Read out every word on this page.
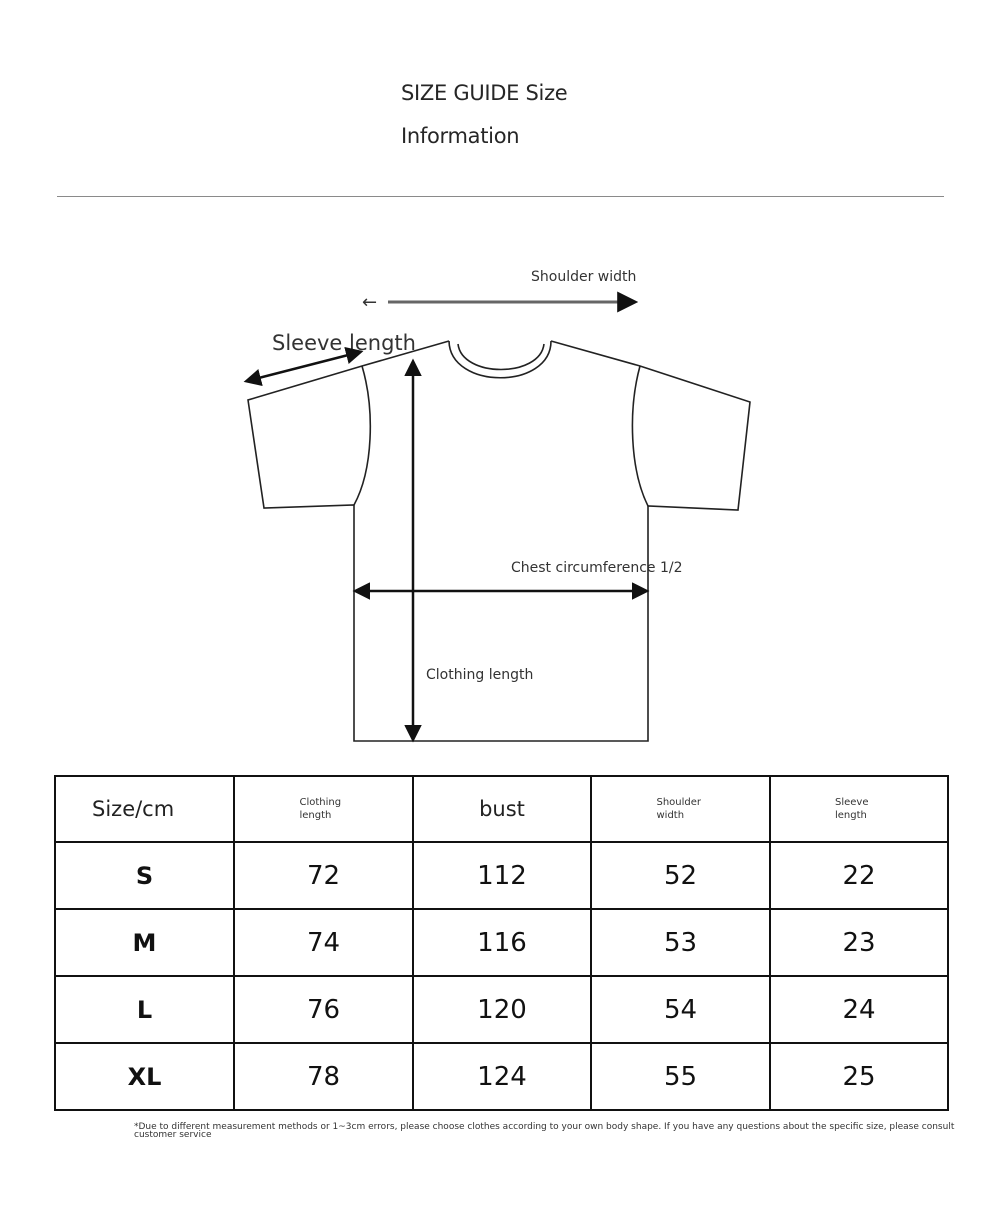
SIZE GUIDE Size
Information
←
Shoulder width
Sleeve length
Clothing length
Chest circumference 1/2
Size/cm	Clothing length	bust	Shoulder width	Sleeve length
S	72	112	52	22
M	74	116	53	23
L	76	120	54	24
XL	78	124	55	25
*Due to different measurement methods or 1~3cm errors, please choose clothes according to your own body shape. If you have any questions about the specific size, please consult customer service
